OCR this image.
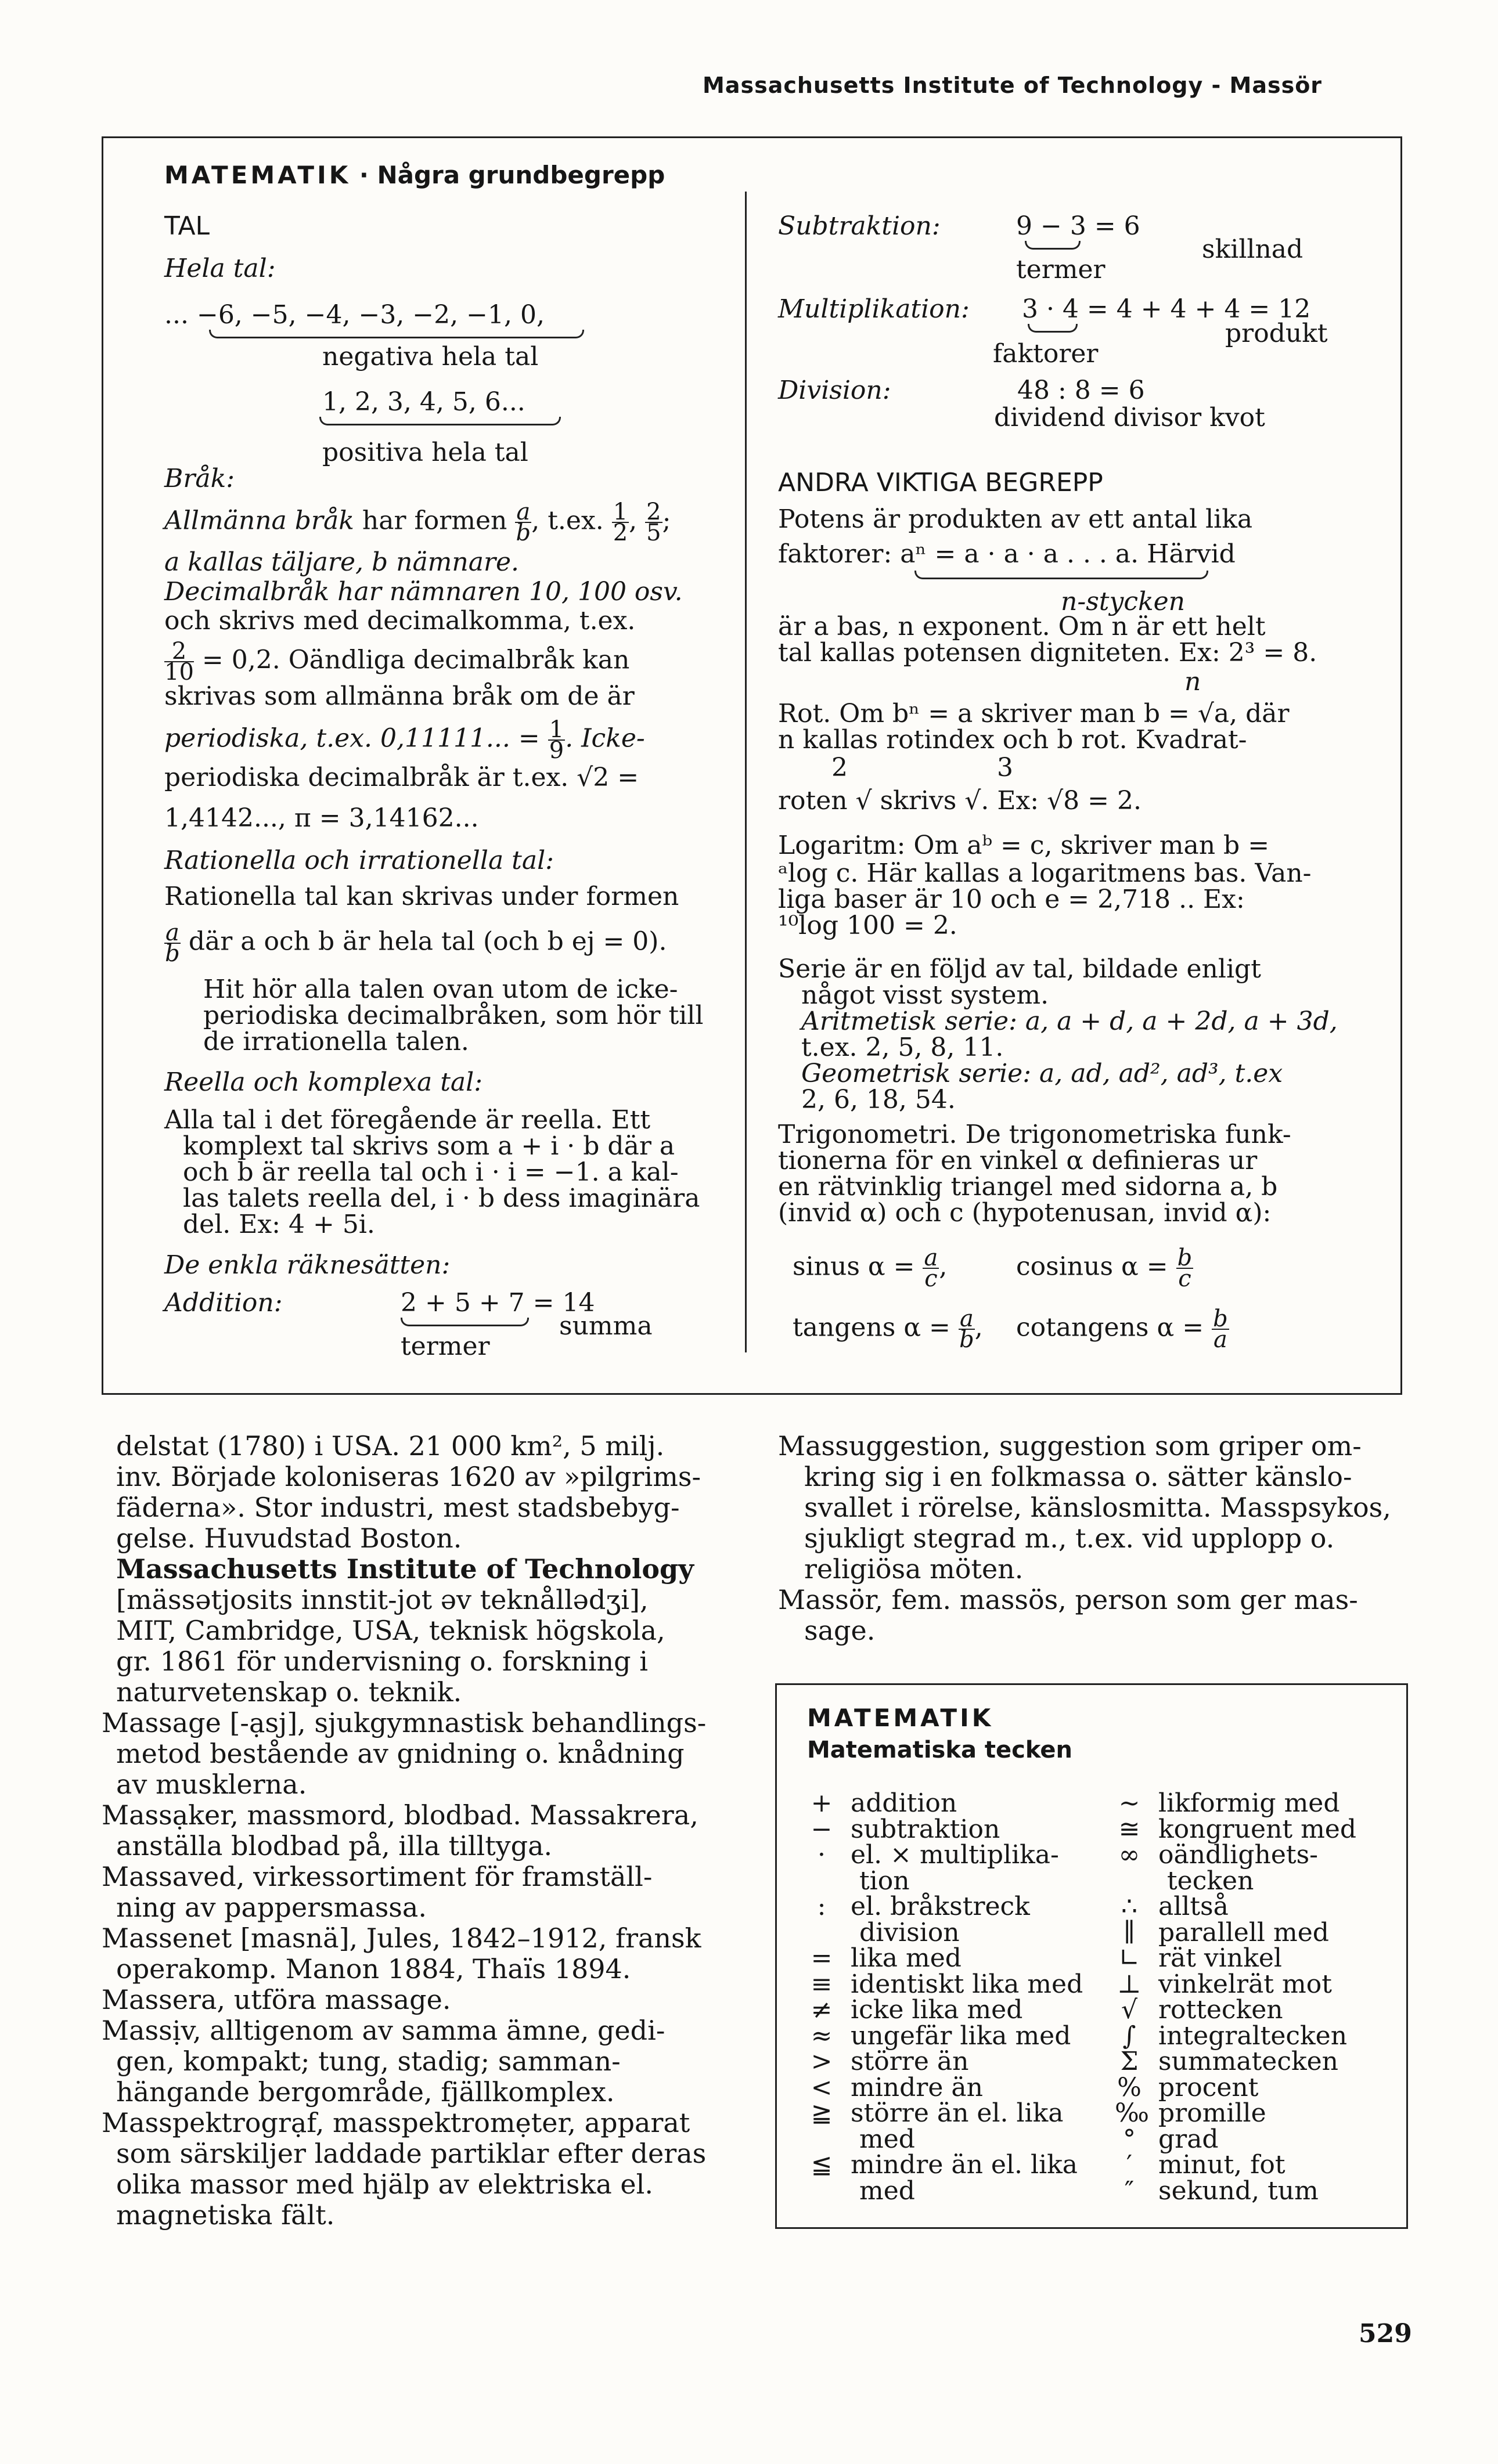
Massachusetts Institute of Technology - Massör
MATEMATIK · Några grundbegrepp
TAL
Hela tal:
... −6, −5, −4, −3, −2, −1, 0,
negativa hela tal
1, 2, 3, 4, 5, 6...
positiva hela tal
Bråk:
Allmänna bråk har formen $\frac{a}{b}$ , t.ex. $\frac{1}{2}$ , $\frac{2}{5}$ ;
a kallas täljare, b nämnare.
Decimalbråk har nämnaren 10, 100 osv.
och skrivs med decimalkomma, t.ex.
$\frac{2}{10} = 0,2$. Oändliga decimalbråk kan
skrivas som allmänna bråk om de är
periodiska, t.ex. 0,11111... = $\frac{1}{9}$ . Icke-
periodiska decimalbråk är t.ex. √2 =
1,4142..., π = 3,14162...
Rationella och irrationella tal:
Rationella tal kan skrivas under formen
$\frac{a}{b}$ där a och b är hela tal (och b ej = 0).
Hit hör alla talen ovan utom de icke-
periodiska decimalbråken, som hör till
de irrationella talen.
Reella och komplexa tal:
Alla tal i det föregående är reella. Ett
komplext tal skrivs som a + i · b där a
och b är reella tal och i · i = −1. a kal-
las talets reella del, i · b dess imaginära
del. Ex: 4 + 5i.
De enkla räknesätten:
Addition:	2 + 5 + 7 = 14
summa
termer
Subtraktion:	9 − 3 = 6
skillnad
termer
Multiplikation: 3 · 4 = 4 + 4 + 4 = 12
produkt
faktorer
Division:	48 : 8 = 6
dividend divisor kvot
ANDRA VIKTIGA BEGREPP
Potens är produkten av ett antal lika
faktorer: aⁿ = a · a · a . . . a. Härvid
n-stycken
är a bas, n exponent. Om n är ett helt
tal kallas potensen digniteten. Ex: 2³ = 8.
n
Rot. Om bⁿ = a skriver man b = √a, där
n kallas rotindex och b rot. Kvadrat-
2	3
roten √ skrivs √. Ex: √8 = 2.
Logaritm: Om aᵇ = c, skriver man b =
ᵃlog c. Här kallas a logaritmens bas. Van-
liga baser är 10 och e = 2,718 .. Ex:
¹⁰log 100 = 2.
Serie är en följd av tal, bildade enligt
något visst system.
Aritmetisk serie: a, a + d, a + 2d, a + 3d,
t.ex. 2, 5, 8, 11.
Geometrisk serie: a, ad, ad², ad³, t.ex
2, 6, 18, 54.
Trigonometri. De trigonometriska funk-
tionerna för en vinkel α definieras ur
en rätvinklig triangel med sidorna a, b
(invid α) och c (hypotenusan, invid α):
sinus $\alpha = \frac{a}{c}$ ,	cosinus $\alpha = \frac{b}{c}$
tangens $\alpha = \frac{a}{b}$ , cotangens $\alpha = \frac{b}{a}$
delstat (1780) i USA. 21 000 km², 5 milj.
inv. Började koloniseras 1620 av »pilgrims-
fäderna». Stor industri, mest stadsbebyg-
gelse. Huvudstad Boston.
Massachusetts Institute of Technology
[mässətjosits innstit-jot əv teknållədʒi],
MIT, Cambridge, USA, teknisk högskola,
gr. 1861 för undervisning o. forskning i
naturvetenskap o. teknik.
Massage [-ạsj], sjukgymnastisk behandlings-
metod bestående av gnidning o. knådning
av musklerna.
Massạker, massmord, blodbad. Massakrera,
anställa blodbad på, illa tilltyga.
Massaved, virkessortiment för framställ-
ning av pappersmassa.
Massenet [masnä], Jules, 1842–1912, fransk
operakomp. Manon 1884, Thaïs 1894.
Massera, utföra massage.
Massịv, alltigenom av samma ämne, gedi-
gen, kompakt; tung, stadig; samman-
hängande bergområde, fjällkomplex.
Masspektrogrạf, masspektromẹter, apparat
som särskiljer laddade partiklar efter deras
olika massor med hjälp av elektriska el.
magnetiska fält.
Massuggestion, suggestion som griper om-
kring sig i en folkmassa o. sätter känslo-
svallet i rörelse, känslosmitta. Masspsykos,
sjukligt stegrad m., t.ex. vid upplopp o.
religiösa möten.
Massör, fem. massös, person som ger mas-
sage.
MATEMATIK
Matematiska tecken
+ addition
− subtraktion
· el. × multiplika-
tion
: el. bråkstreck
division
= lika med
≡ identiskt lika med
≠ icke lika med
≈ ungefär lika med
> större än
< mindre än
≧ större än el. lika
med
≦ mindre än el. lika
med
∼ likformig med
≅ kongruent med
∞ oändlighets-
tecken
∴ alltså
∥ parallell med
∟ rät vinkel
⊥ vinkelrät mot
√ rottecken
∫ integraltecken
Σ summatecken
% procent
‰ promille
° grad
′	minut, fot
″ sekund, tum
529
